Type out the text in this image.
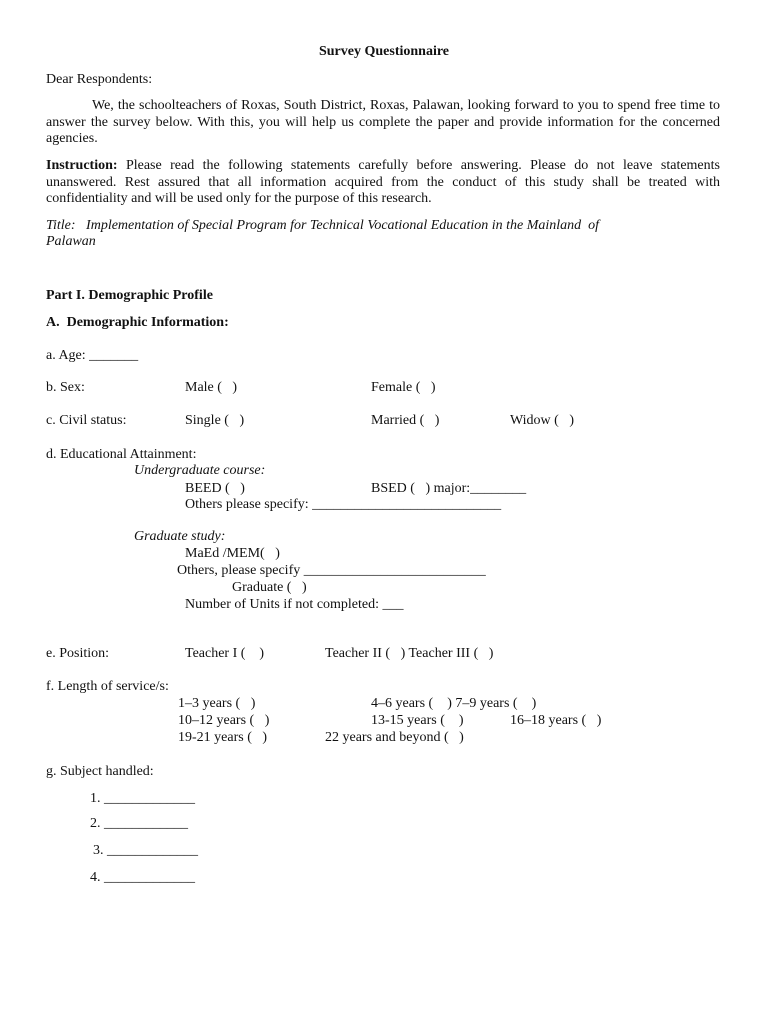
Survey Questionnaire
Dear Respondents:
We, the schoolteachers of Roxas, South District, Roxas, Palawan, looking forward to you to spend free time to answer the survey below. With this, you will help us complete the paper and provide information for the concerned agencies.
Instruction: Please read the following statements carefully before answering. Please do not leave statements unanswered. Rest assured that all information acquired from the conduct of this study shall be treated with confidentiality and will be used only for the purpose of this research.
Title:   Implementation of Special Program for Technical Vocational Education in the Mainland  of
Palawan
Part I. Demographic Profile
A.  Demographic Information:
a. Age: _______
b. Sex:	Male (   )	Female (   )
c. Civil status:	Single (   )	Married (   )	Widow (   )
d. Educational Attainment:
Undergraduate course:
BEED (   )	BSED (   ) major:________
Others please specify: ___________________________
Graduate study:
MaEd /MEM(   )
Others, please specify __________________________
Graduate (   )
Number of Units if not completed: ___
e. Position:	Teacher I (    )	Teacher II (   ) Teacher III (   )
f. Length of service/s:
1–3 years (   )	4–6 years (    ) 7–9 years (    )
10–12 years (   )	13-15 years (    )	16–18 years (   )
19-21 years (   )	22 years and beyond (   )
g. Subject handled:
1. _____________
2. ____________
3. _____________
4. _____________
